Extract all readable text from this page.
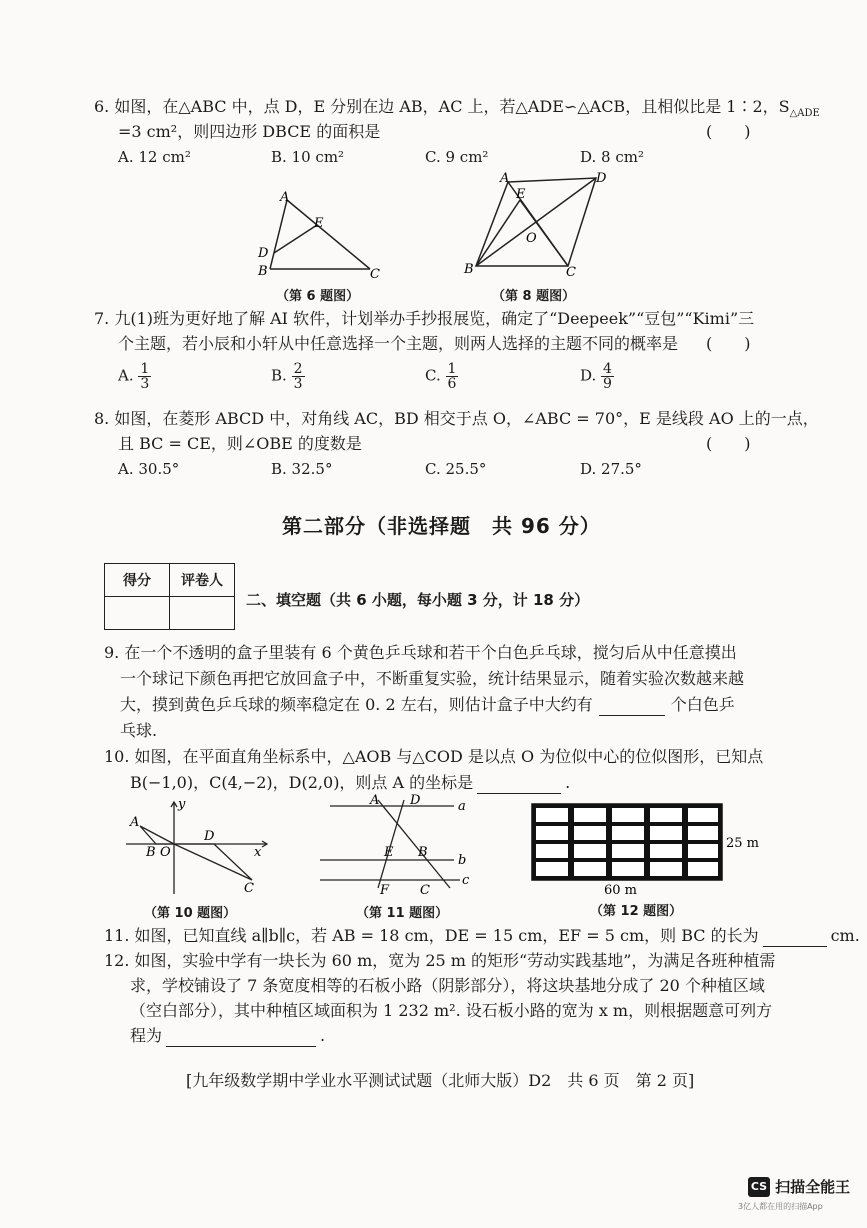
6. 如图，在△ABC 中，点 D，E 分别在边 AB，AC 上，若△ADE∽△ACB，且相似比是 1∶2，$S_{\triangle ADE}$
=3 cm²，则四边形 DBCE 的面积是	(　　)
A. 12 cm²	B. 10 cm²	C. 9 cm²	D. 8 cm²
A
E
D
B	C
（第 6 题图）
A	D
E
O
B	C
（第 8 题图）
7. 九(1)班为更好地了解 AI 软件，计划举办手抄报展览，确定了“Deepeek”“豆包”“Kimi”三
个主题，若小辰和小轩从中任意选择一个主题，则两人选择的主题不同的概率是 (　　)
A. $\frac{1}{3}$	B. $\frac{2}{3}$	C. $\frac{1}{6}$	D. $\frac{4}{9}$
8. 如图，在菱形 ABCD 中，对角线 AC，BD 相交于点 O，∠ABC = 70°，E 是线段 AO 上的一点，
且 BC = CE，则∠OBE 的度数是	(　　)
A. 30.5°	B. 32.5°	C. 25.5°	D. 27.5°
第二部分（非选择题　共 96 分）
得分	评卷人

二、填空题（共 6 小题，每小题 3 分，计 18 分）
9. 在一个不透明的盒子里装有 6 个黄色乒乓球和若干个白色乒乓球，搅匀后从中任意摸出
一个球记下颜色再把它放回盒子中，不断重复实验，统计结果显示，随着实验次数越来越
大，摸到黄色乒乓球的频率稳定在 0. 2 左右，则估计盒子中大约有	个白色乒
乓球.
10. 如图，在平面直角坐标系中，△AOB 与△COD 是以点 O 为位似中心的位似图形，已知点
B(−1,0)，C(4,−2)，D(2,0)，则点 A 的坐标是	.
y
x
A
B O
D
C
（第 10 题图）
A D	a
E B
b
F C
c
（第 11 题图）
25 m
60 m
（第 12 题图）
11. 如图，已知直线 a∥b∥c，若 AB = 18 cm，DE = 15 cm，EF = 5 cm，则 BC 的长为	cm.
12. 如图，实验中学有一块长为 60 m，宽为 25 m 的矩形“劳动实践基地”，为满足各班种植需
求，学校铺设了 7 条宽度相等的石板小路（阴影部分），将这块基地分成了 20 个种植区域
（空白部分），其中种植区域面积为 1 232 m². 设石板小路的宽为 x m，则根据题意可列方
程为	.
[九年级数学期中学业水平测试试题（北师大版）D2　共 6 页　第 2 页]
CS 扫描全能王
3亿人都在用的扫描App
